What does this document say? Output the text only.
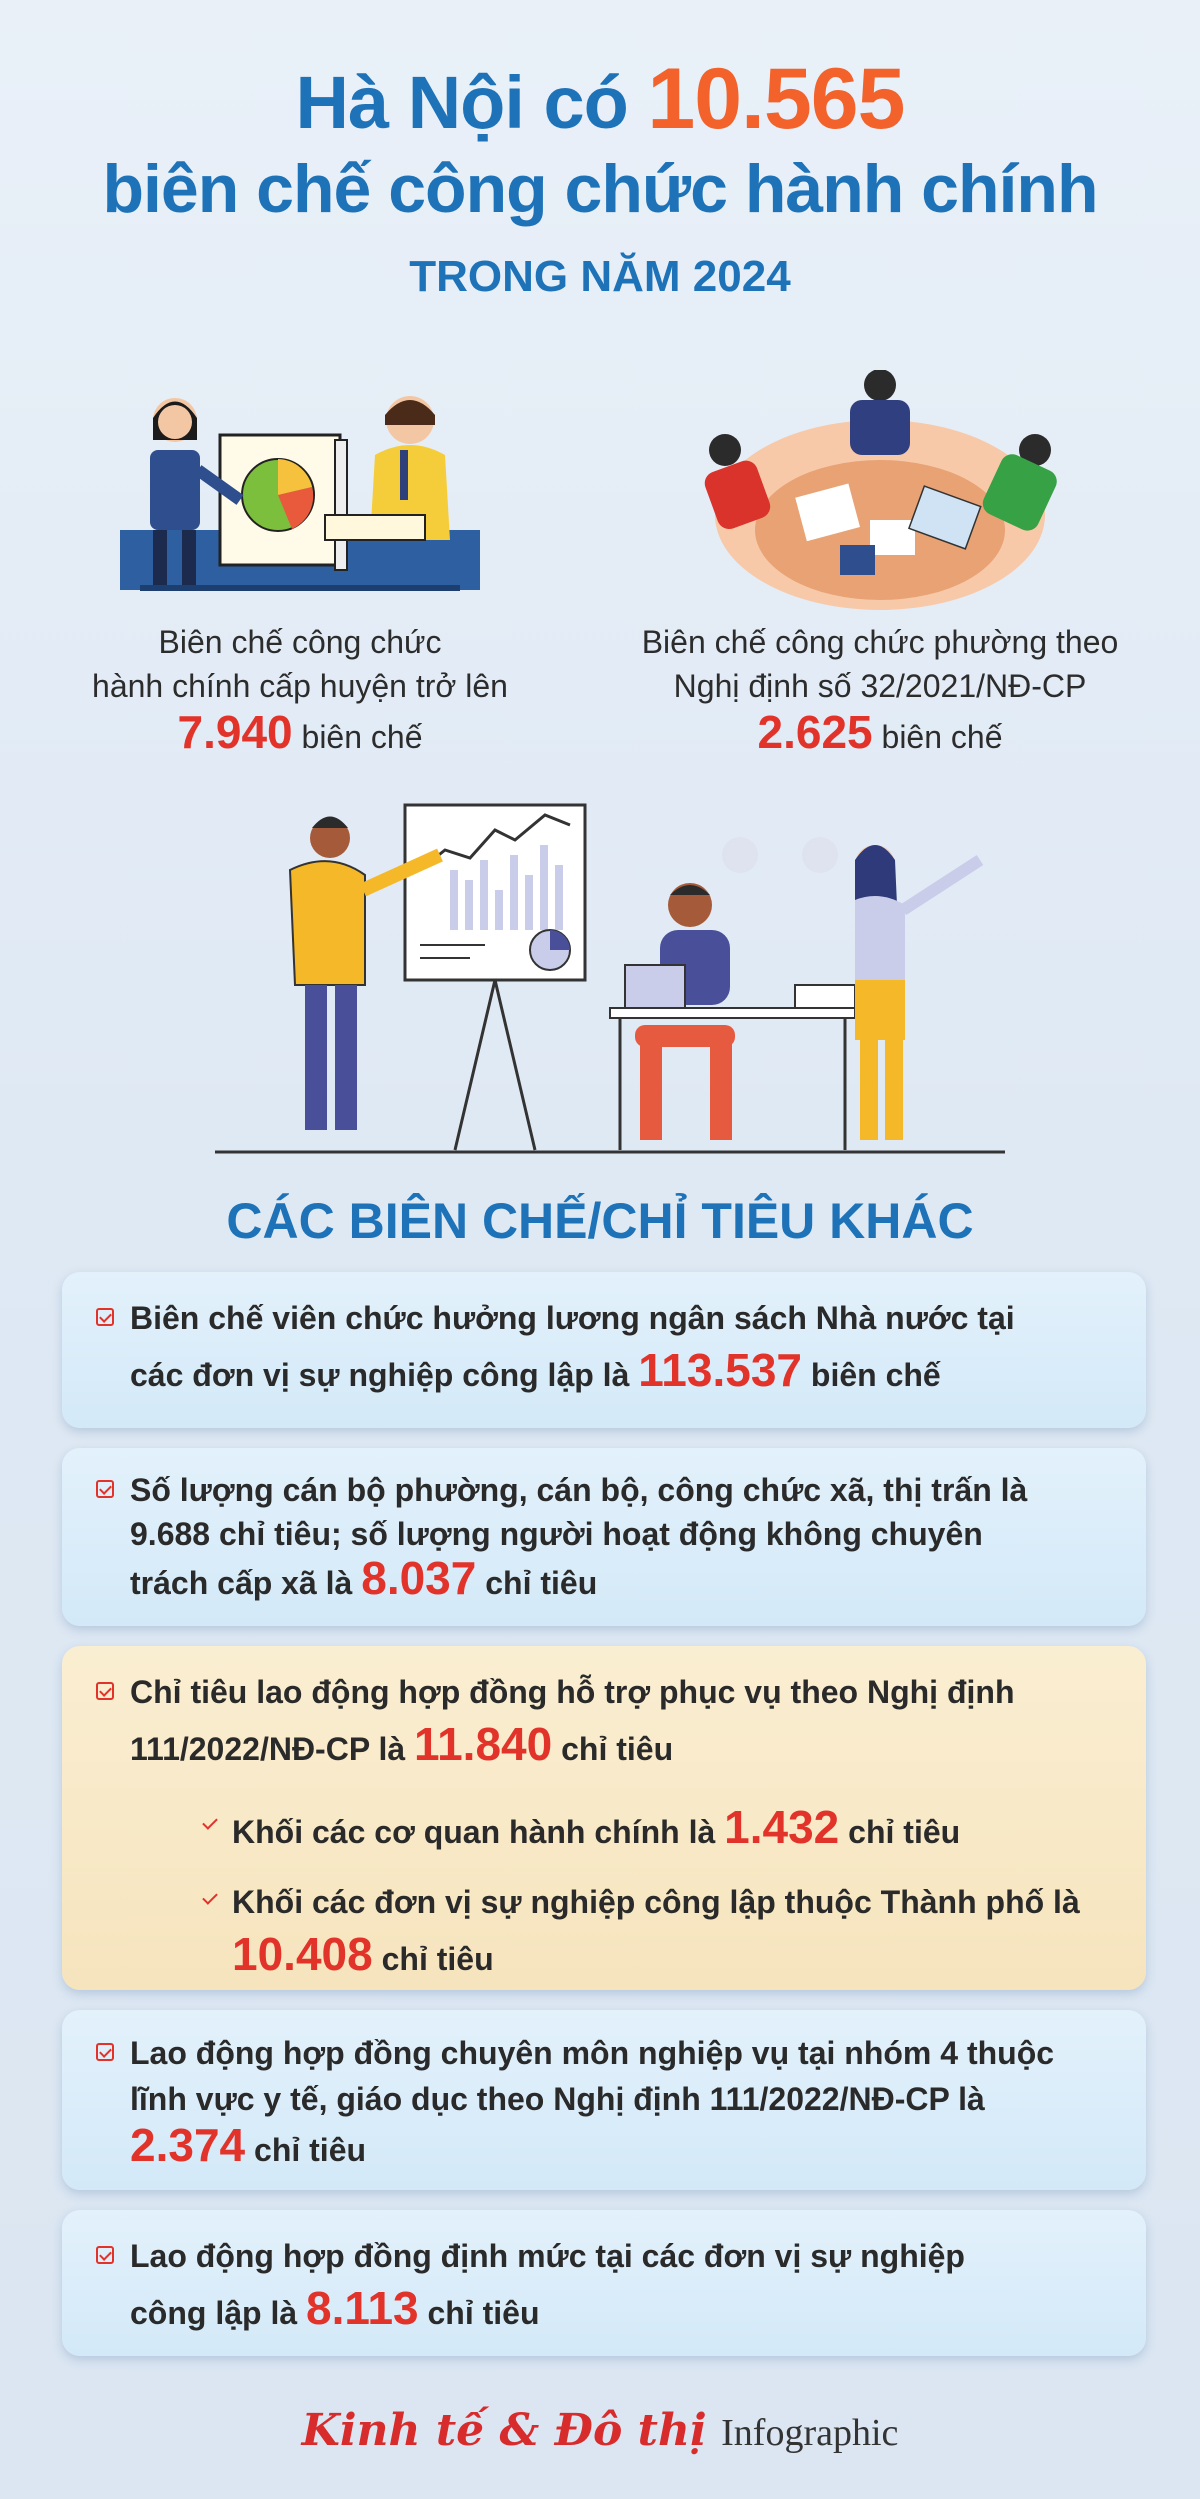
Hà Nội có 10.565
biên chế công chức hành chính
TRONG NĂM 2024
Biên chế công chức
hành chính cấp huyện trở lên
7.940 biên chế
Biên chế công chức phường theo
Nghị định số 32/2021/NĐ-CP
2.625 biên chế
CÁC BIÊN CHẾ/CHỈ TIÊU KHÁC
Biên chế viên chức hưởng lương ngân sách Nhà nước tại
các đơn vị sự nghiệp công lập là 113.537 biên chế
Số lượng cán bộ phường, cán bộ, công chức xã, thị trấn là
9.688 chỉ tiêu; số lượng người hoạt động không chuyên
trách cấp xã là 8.037 chỉ tiêu
Chỉ tiêu lao động hợp đồng hỗ trợ phục vụ theo Nghị định
111/2022/NĐ-CP là 11.840 chỉ tiêu
Khối các cơ quan hành chính là 1.432 chỉ tiêu
Khối các đơn vị sự nghiệp công lập thuộc Thành phố là
10.408 chỉ tiêu
Lao động hợp đồng chuyên môn nghiệp vụ tại nhóm 4 thuộc
lĩnh vực y tế, giáo dục theo Nghị định 111/2022/NĐ-CP là
2.374 chỉ tiêu
Lao động hợp đồng định mức tại các đơn vị sự nghiệp
công lập là 8.113 chỉ tiêu
Kinh tế & Đô thị Infographic
